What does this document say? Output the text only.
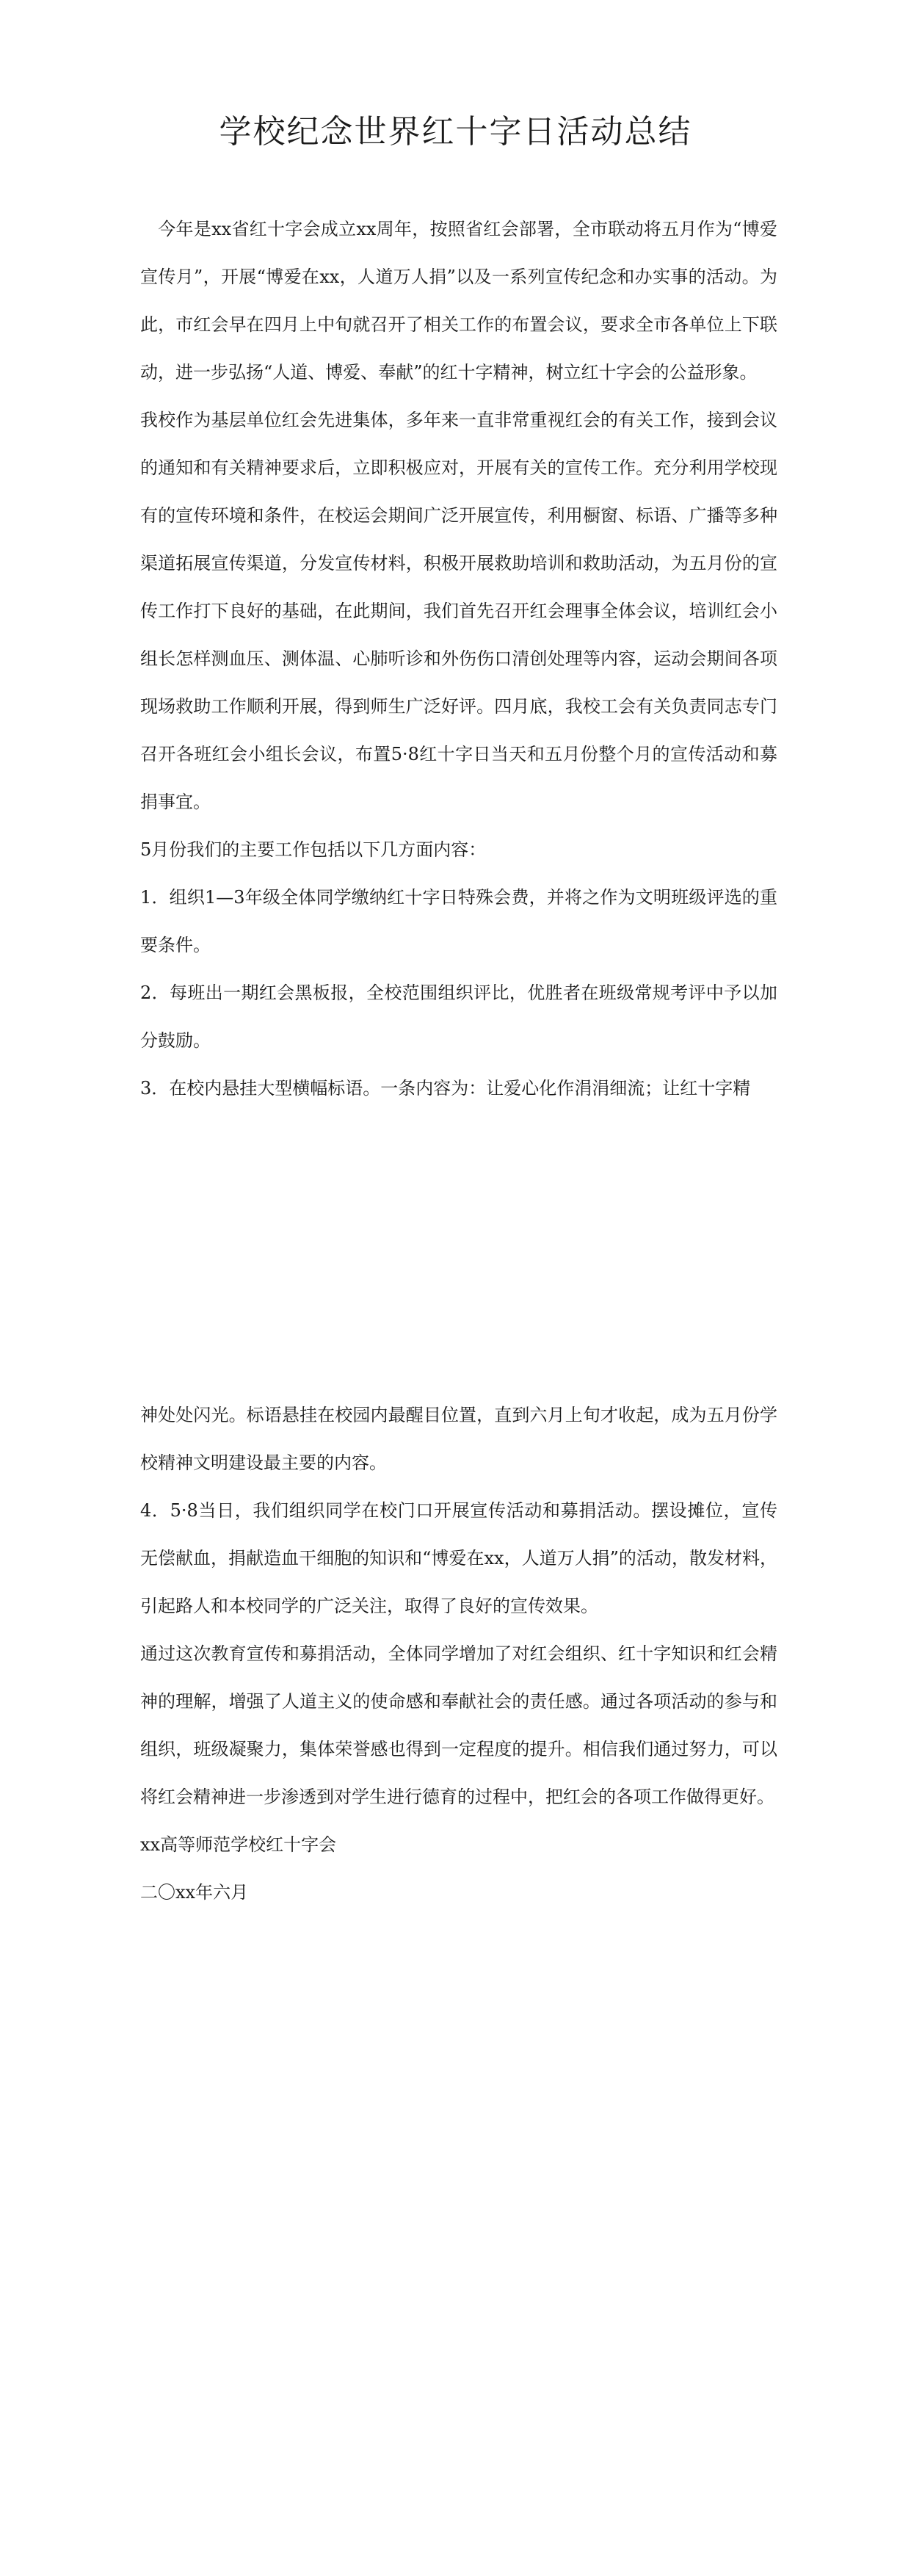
学校纪念世界红十字日活动总结

　今年是xx省红十字会成立xx周年，按照省红会部署，全市联动将五月作为“博爱宣传月”，开展“博爱在xx，人道万人捐”以及一系列宣传纪念和办实事的活动。为此，市红会早在四月上中旬就召开了相关工作的布置会议，要求全市各单位上下联动，进一步弘扬“人道、博爱、奉献”的红十字精神，树立红十字会的公益形象。

我校作为基层单位红会先进集体，多年来一直非常重视红会的有关工作，接到会议的通知和有关精神要求后，立即积极应对，开展有关的宣传工作。充分利用学校现有的宣传环境和条件，在校运会期间广泛开展宣传，利用橱窗、标语、广播等多种渠道拓展宣传渠道，分发宣传材料，积极开展救助培训和救助活动，为五月份的宣传工作打下良好的基础，在此期间，我们首先召开红会理事全体会议，培训红会小组长怎样测血压、测体温、心肺听诊和外伤伤口清创处理等内容，运动会期间各项现场救助工作顺利开展，得到师生广泛好评。四月底，我校工会有关负责同志专门召开各班红会小组长会议，布置5·8红十字日当天和五月份整个月的宣传活动和募捐事宜。

5月份我们的主要工作包括以下几方面内容：

1．组织1—3年级全体同学缴纳红十字日特殊会费，并将之作为文明班级评选的重要条件。

2．每班出一期红会黑板报，全校范围组织评比，优胜者在班级常规考评中予以加分鼓励。

3．在校内悬挂大型横幅标语。一条内容为：让爱心化作涓涓细流；让红十字精

神处处闪光。标语悬挂在校园内最醒目位置，直到六月上旬才收起，成为五月份学校精神文明建设最主要的内容。

4．5·8当日，我们组织同学在校门口开展宣传活动和募捐活动。摆设摊位，宣传无偿献血，捐献造血干细胞的知识和“博爱在xx，人道万人捐”的活动，散发材料，引起路人和本校同学的广泛关注，取得了良好的宣传效果。

通过这次教育宣传和募捐活动，全体同学增加了对红会组织、红十字知识和红会精神的理解，增强了人道主义的使命感和奉献社会的责任感。通过各项活动的参与和组织，班级凝聚力，集体荣誉感也得到一定程度的提升。相信我们通过努力，可以将红会精神进一步渗透到对学生进行德育的过程中，把红会的各项工作做得更好。

xx高等师范学校红十字会

二〇xx年六月
